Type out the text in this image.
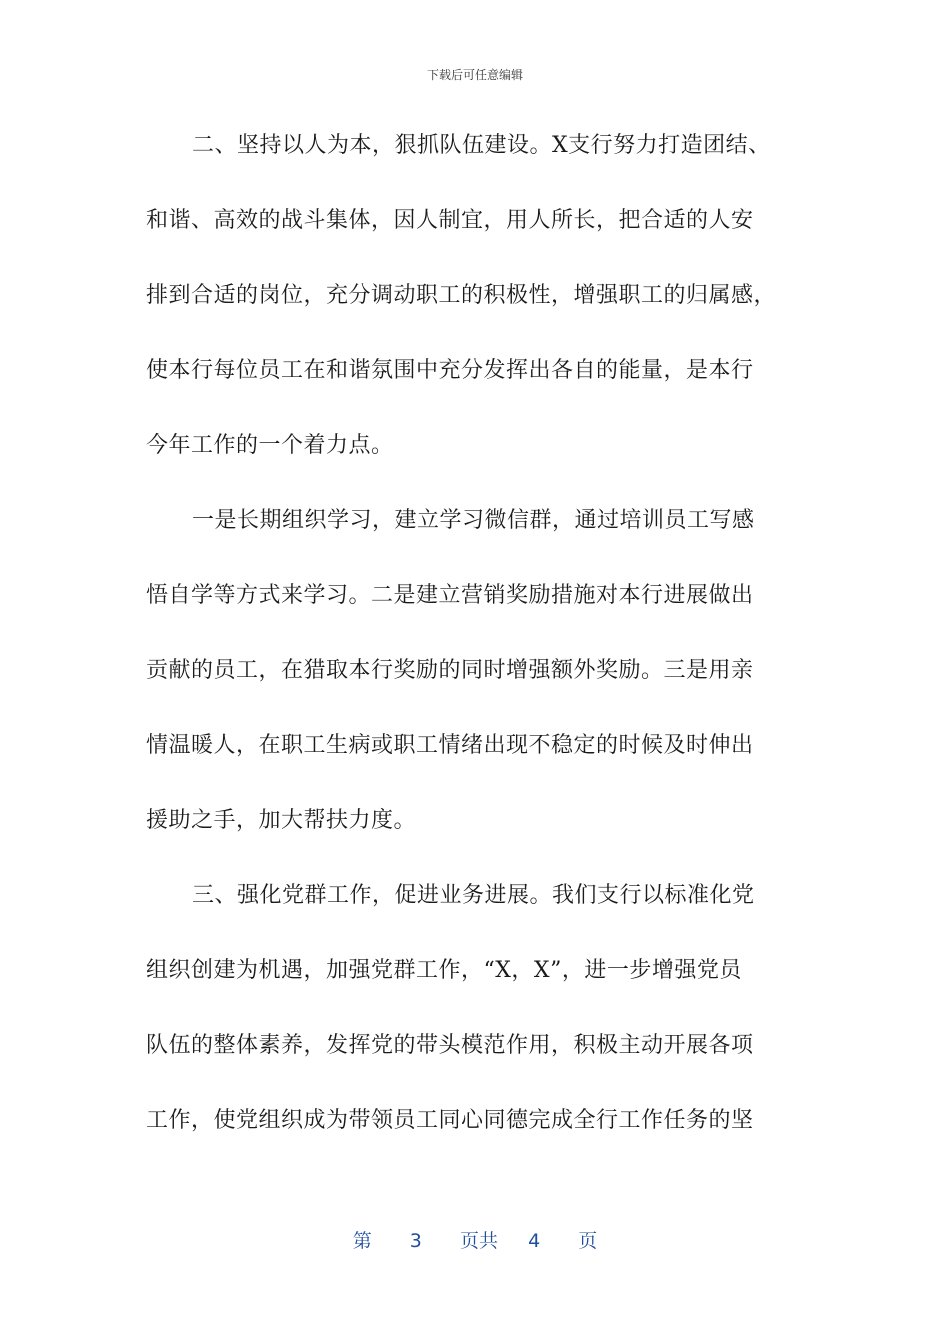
下载后可任意编辑
二、坚持以人为本，狠抓队伍建设。X支行努力打造团结、
和谐、高效的战斗集体，因人制宜，用人所长，把合适的人安
排到合适的岗位，充分调动职工的积极性，增强职工的归属感，
使本行每位员工在和谐氛围中充分发挥出各自的能量，是本行
今年工作的一个着力点。
一是长期组织学习，建立学习微信群，通过培训员工写感
悟自学等方式来学习。二是建立营销奖励措施对本行进展做出
贡献的员工，在猎取本行奖励的同时增强额外奖励。三是用亲
情温暖人，在职工生病或职工情绪出现不稳定的时候及时伸出
援助之手，加大帮扶力度。
三、强化党群工作，促进业务进展。我们支行以标准化党
组织创建为机遇，加强党群工作，“X，X”，进一步增强党员
队伍的整体素养，发挥党的带头模范作用，积极主动开展各项
工作，使党组织成为带领员工同心同德完成全行工作任务的坚
第 3 页共 4 页
